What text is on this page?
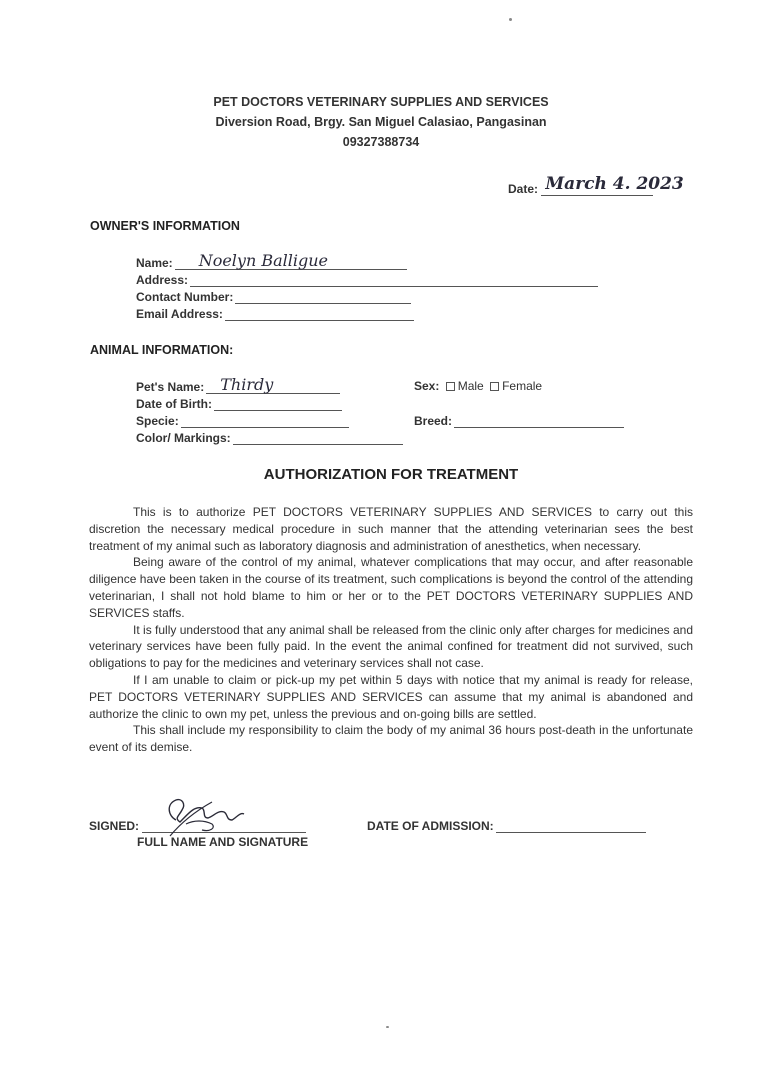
PET DOCTORS VETERINARY SUPPLIES AND SERVICES
Diversion Road, Brgy. San Miguel Calasiao, Pangasinan
09327388734
Date: March 4. 2023
OWNER'S INFORMATION
Name: Noelyn Balligue
Address:
Contact Number:
Email Address:
ANIMAL INFORMATION:
Pet's Name: Thirdy
Date of Birth:
Specie:
Color/ Markings:
Sex: Male Female
Breed:
AUTHORIZATION FOR TREATMENT

This is to authorize PET DOCTORS VETERINARY SUPPLIES AND SERVICES to carry out this discretion the necessary medical procedure in such manner that the attending veterinarian sees the best treatment of my animal such as laboratory diagnosis and administration of anesthetics, when necessary.

Being aware of the control of my animal, whatever complications that may occur, and after reasonable diligence have been taken in the course of its treatment, such complications is beyond the control of the attending veterinarian, I shall not hold blame to him or her or to the PET DOCTORS VETERINARY SUPPLIES AND SERVICES staffs.

It is fully understood that any animal shall be released from the clinic only after charges for medicines and veterinary services have been fully paid. In the event the animal confined for treatment did not survived, such obligations to pay for the medicines and veterinary services shall not case.

If I am unable to claim or pick-up my pet within 5 days with notice that my animal is ready for release, PET DOCTORS VETERINARY SUPPLIES AND SERVICES can assume that my animal is abandoned and authorize the clinic to own my pet, unless the previous and on-going bills are settled.

This shall include my responsibility to claim the body of my animal 36 hours post-death in the unfortunate event of its demise.

SIGNED:
FULL NAME AND SIGNATURE
DATE OF ADMISSION:
